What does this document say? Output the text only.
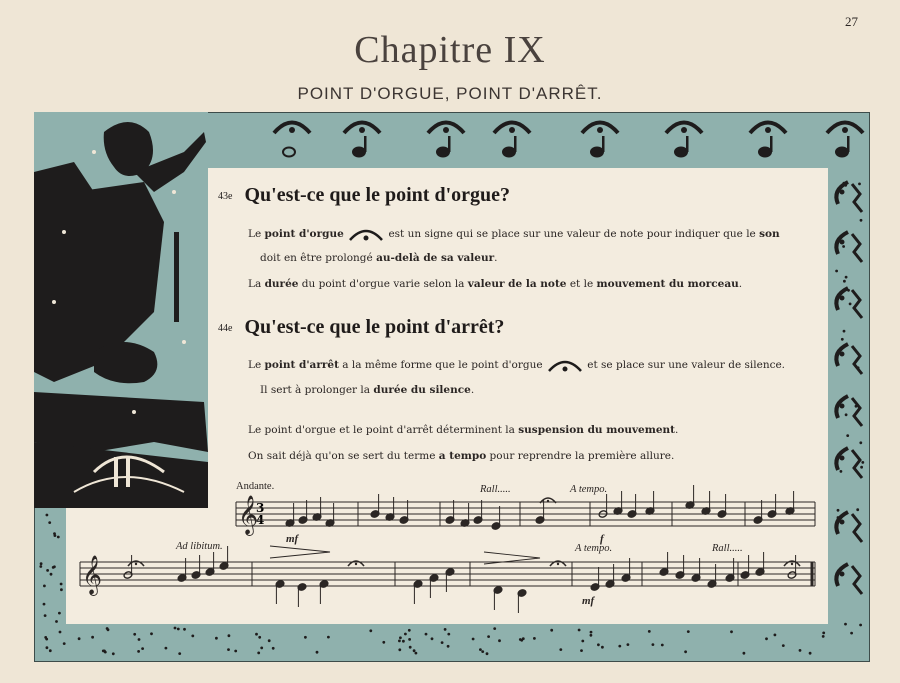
27
Chapitre IX
POINT D'ORGUE, POINT D'ARRÊT.
43e Qu'est-ce que le point d'orgue?
Le point d'orgue	est un signe qui se place sur une valeur de note pour indiquer que le son
doit en être prolongé au-delà de sa valeur.
La durée du point d'orgue varie selon la valeur de la note et le mouvement du morceau.
44e Qu'est-ce que le point d'arrêt?
Le point d'arrêt a la même forme que le point d'orgue	et se place sur une valeur de silence.
Il sert à prolonger la durée du silence.
Le point d'orgue et le point d'arrêt déterminent la suspension du mouvement.
On sait déjà qu'on se sert du terme a tempo pour reprendre la première allure.
Andante.	Rall.....	A tempo.
mf	f
Ad libitum.	A tempo.	Rall.....
mf
3
4
𝄞
𝄞
